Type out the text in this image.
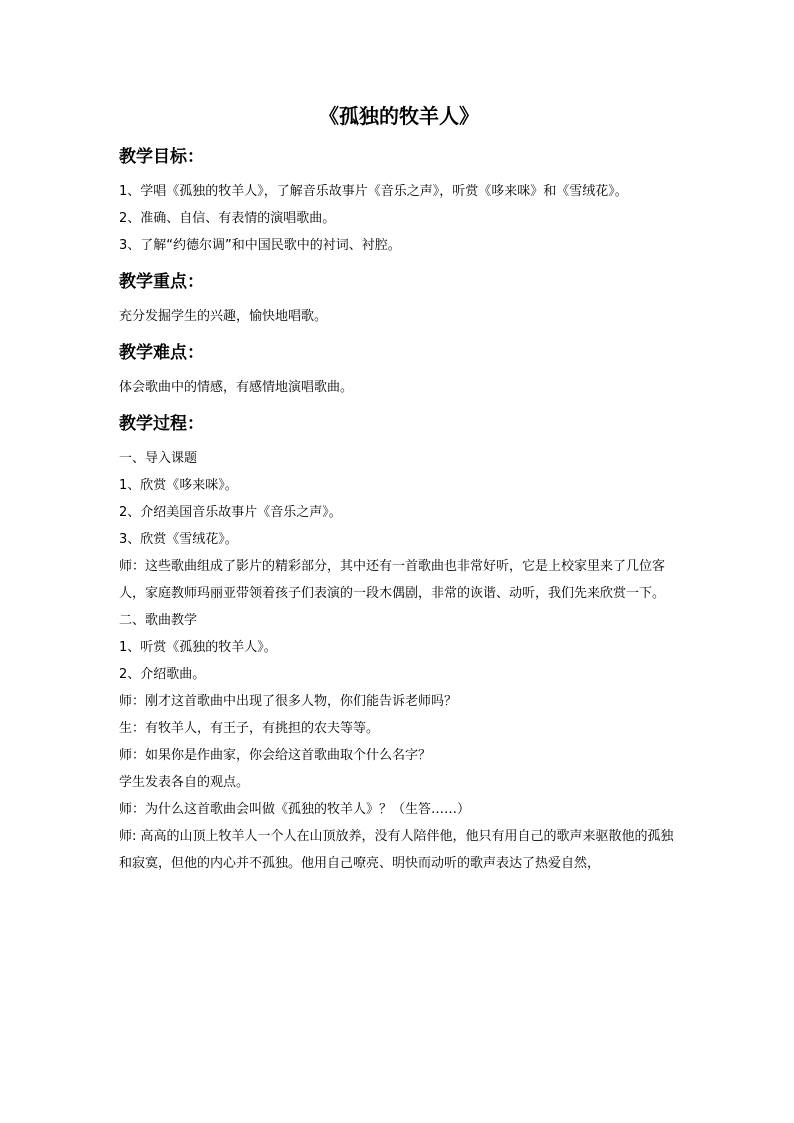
《孤独的牧羊人》
教学目标：

1、学唱《孤独的牧羊人》，了解音乐故事片《音乐之声》，听赏《哆来咪》和《雪绒花》。

2、准确、自信、有表情的演唱歌曲。

3、了解“约德尔调”和中国民歌中的衬词、衬腔。

教学重点：

充分发掘学生的兴趣，愉快地唱歌。

教学难点：

体会歌曲中的情感，有感情地演唱歌曲。

教学过程：

一、导入课题

1、欣赏《哆来咪》。

2、介绍美国音乐故事片《音乐之声》。

3、欣赏《雪绒花》。

师：这些歌曲组成了影片的精彩部分，其中还有一首歌曲也非常好听，它是上校家里来了几位客人，家庭教师玛丽亚带领着孩子们表演的一段木偶剧，非常的诙谐、动听，我们先来欣赏一下。

二、歌曲教学

1、听赏《孤独的牧羊人》。

2、介绍歌曲。

师：刚才这首歌曲中出现了很多人物，你们能告诉老师吗？

生：有牧羊人，有王子，有挑担的农夫等等。

师：如果你是作曲家，你会给这首歌曲取个什么名字？

学生发表各自的观点。

师：为什么这首歌曲会叫做《孤独的牧羊人》？（生答……）

师: 高高的山顶上牧羊人一个人在山顶放养，没有人陪伴他，他只有用自己的歌声来驱散他的孤独和寂寞，但他的内心并不孤独。他用自己嘹亮、明快而动听的歌声表达了热爱自然，
